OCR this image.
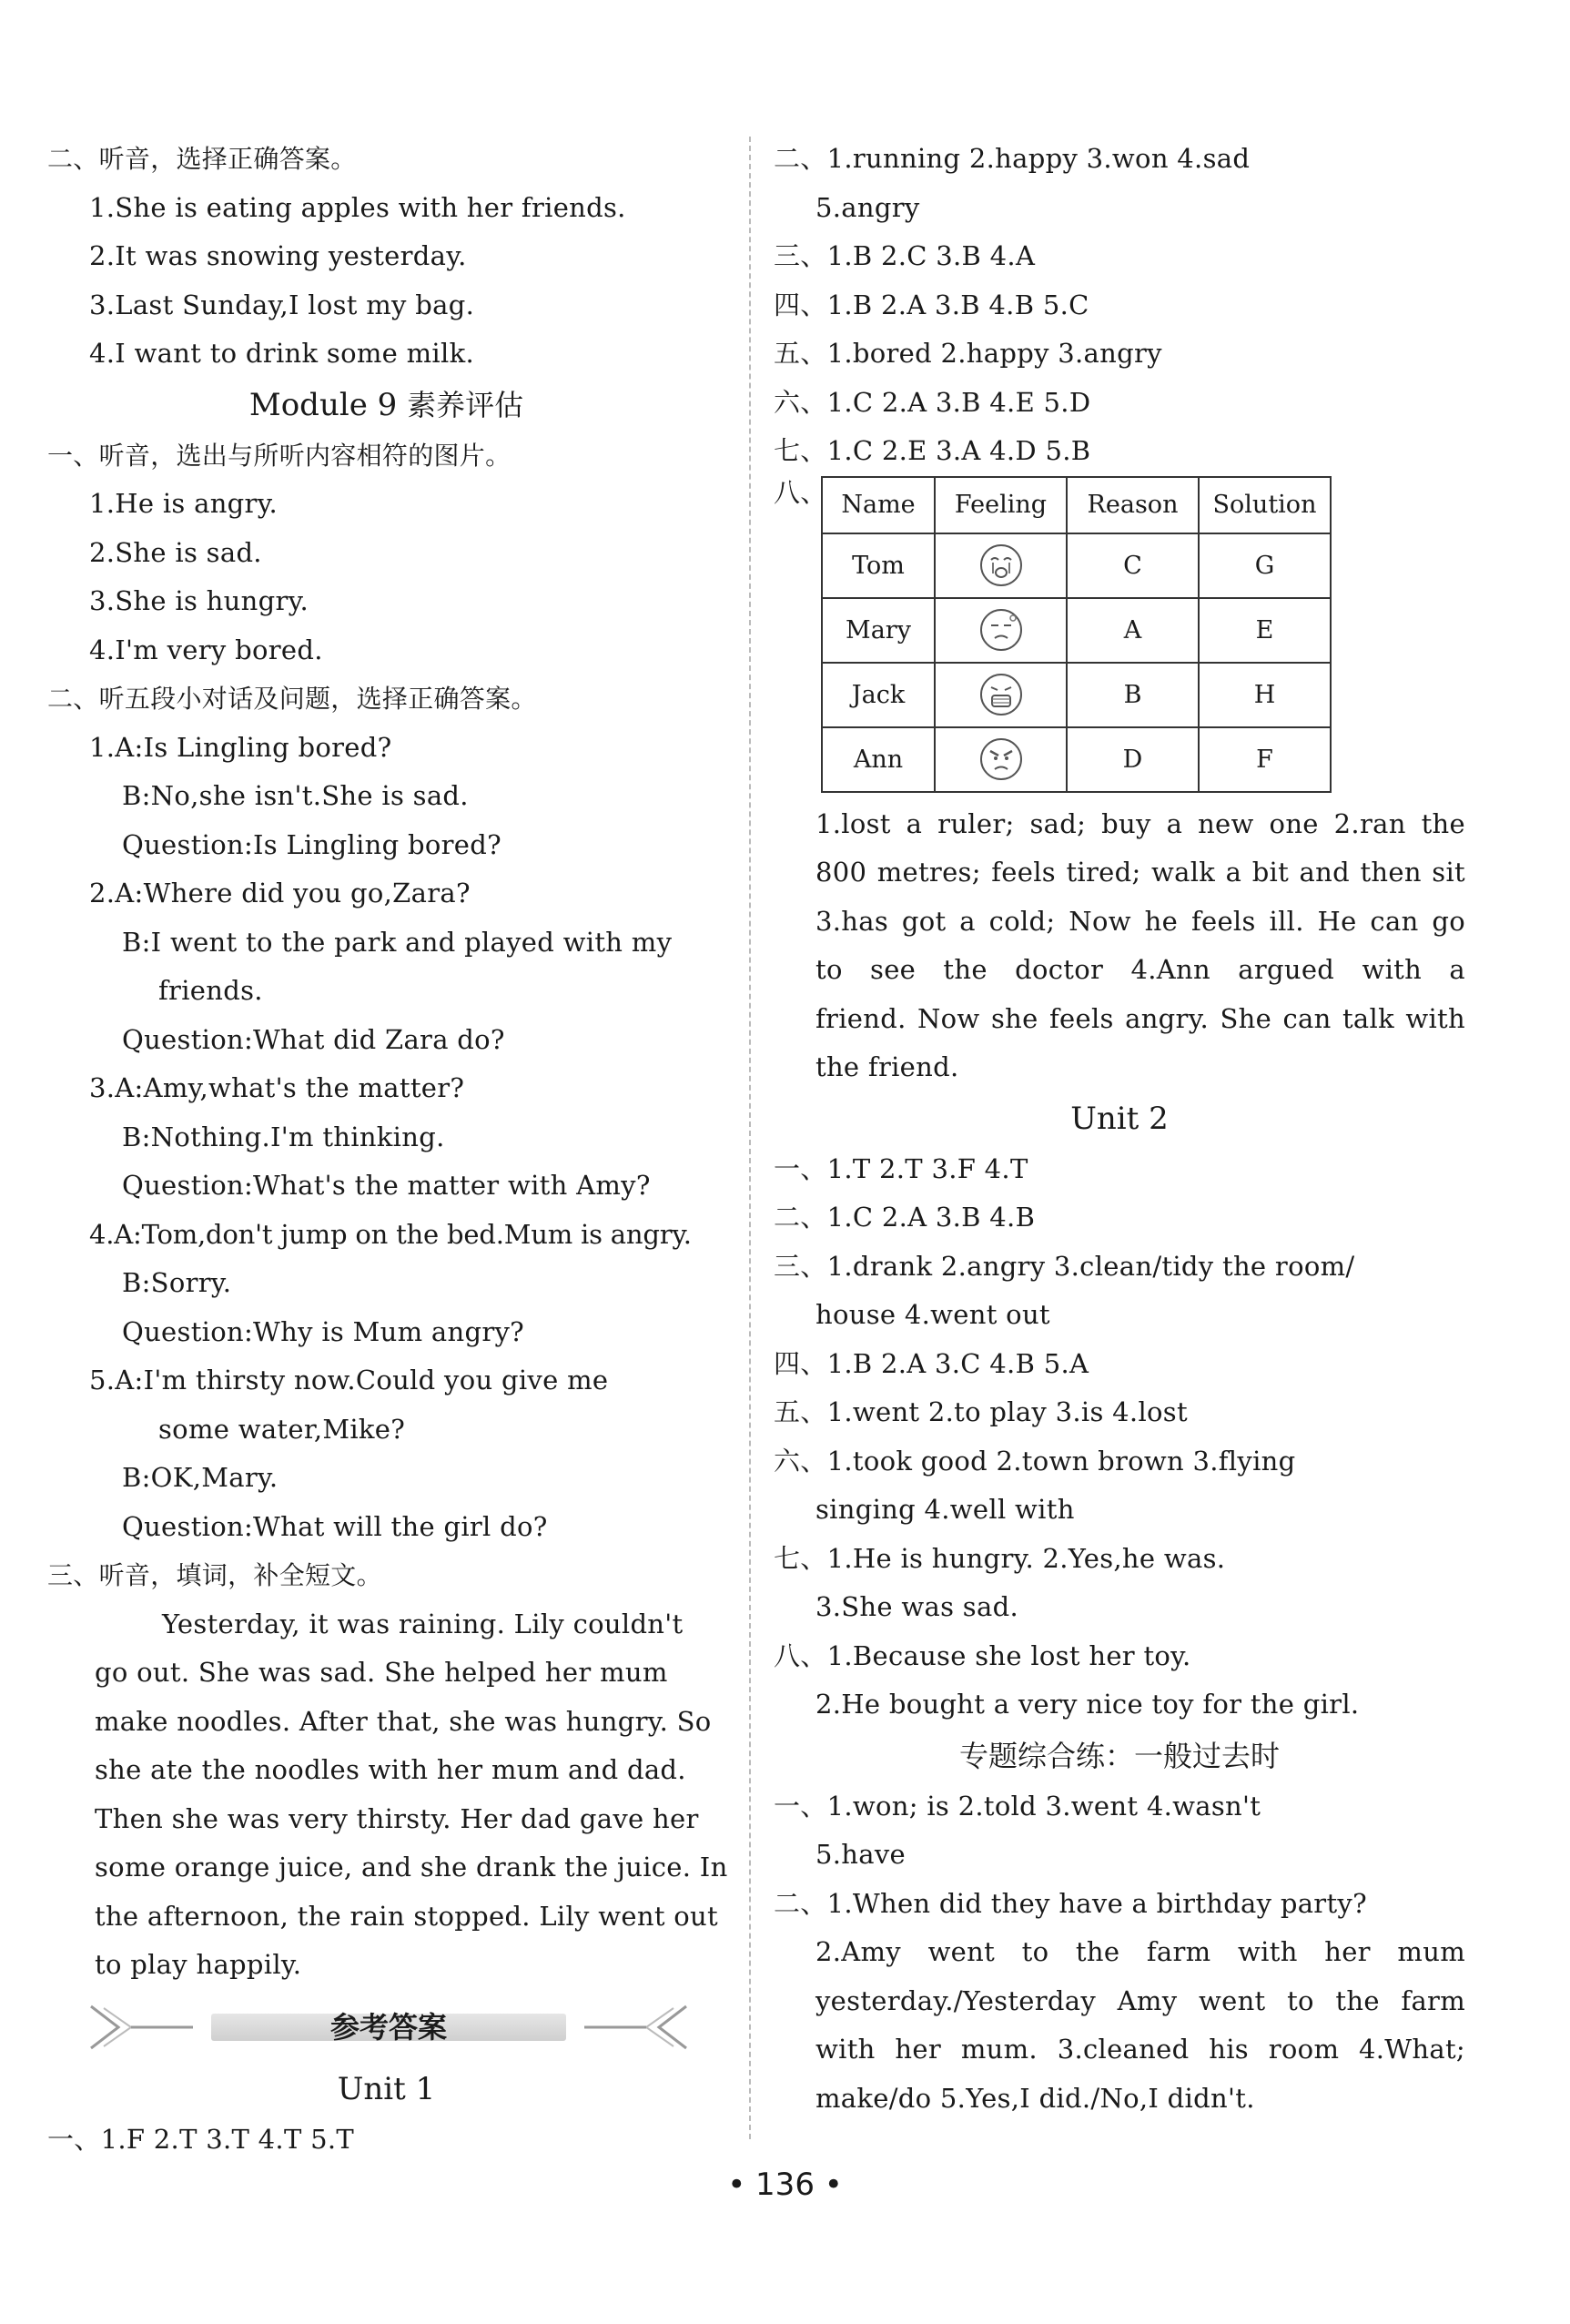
二、听音，选择正确答案。
1.She is eating apples with her friends.
2.It was snowing yesterday.
3.Last Sunday,I lost my bag.
4.I want to drink some milk.
Module 9 素养评估
一、听音，选出与所听内容相符的图片。
1.He is angry.
2.She is sad.
3.She is hungry.
4.I'm very bored.
二、听五段小对话及问题，选择正确答案。
1.A:Is Lingling bored?
B:No,she isn't.She is sad.
Question:Is Lingling bored?
2.A:Where did you go,Zara?
B:I went to the park and played with my
friends.
Question:What did Zara do?
3.A:Amy,what's the matter?
B:Nothing.I'm thinking.
Question:What's the matter with Amy?
4.A:Tom,don't jump on the bed.Mum is angry.
B:Sorry.
Question:Why is Mum angry?
5.A:I'm thirsty now.Could you give me
some water,Mike?
B:OK,Mary.
Question:What will the girl do?
三、听音，填词，补全短文。
Yesterday, it was raining. Lily couldn't
go out. She was sad. She helped her mum
make noodles. After that, she was hungry. So
she ate the noodles with her mum and dad.
Then she was very thirsty. Her dad gave her
some orange juice, and she drank the juice. In
the afternoon, the rain stopped. Lily went out
to play happily.
参考答案
Unit 1
一、1.F 2.T 3.T 4.T 5.T
二、1.running 2.happy 3.won 4.sad
5.angry
三、1.B 2.C 3.B 4.A
四、1.B 2.A 3.B 4.B 5.C
五、1.bored 2.happy 3.angry
六、1.C 2.A 3.B 4.E 5.D
七、1.C 2.E 3.A 4.D 5.B
八、 Name	Feeling	Reason	Solution
Tom		C	G
Mary		A	E
Jack		B	H
Ann		D	F
1.lost a ruler; sad; buy a new one 2.ran the
800 metres; feels tired; walk a bit and then sit
3.has got a cold; Now he feels ill. He can go
to see the doctor 4.Ann argued with a
friend. Now she feels angry. She can talk with
the friend.
Unit 2
一、1.T 2.T 3.F 4.T
二、1.C 2.A 3.B 4.B
三、1.drank 2.angry 3.clean/tidy the room/
house 4.went out
四、1.B 2.A 3.C 4.B 5.A
五、1.went 2.to play 3.is 4.lost
六、1.took good 2.town brown 3.flying
singing 4.well with
七、1.He is hungry. 2.Yes,he was.
3.She was sad.
八、1.Because she lost her toy.
2.He bought a very nice toy for the girl.
专题综合练：一般过去时
一、1.won; is 2.told 3.went 4.wasn't
5.have
二、1.When did they have a birthday party?
2.Amy went to the farm with her mum
yesterday./Yesterday Amy went to the farm
with her mum. 3.cleaned his room 4.What;
make/do 5.Yes,I did./No,I didn't.
• 136 •
